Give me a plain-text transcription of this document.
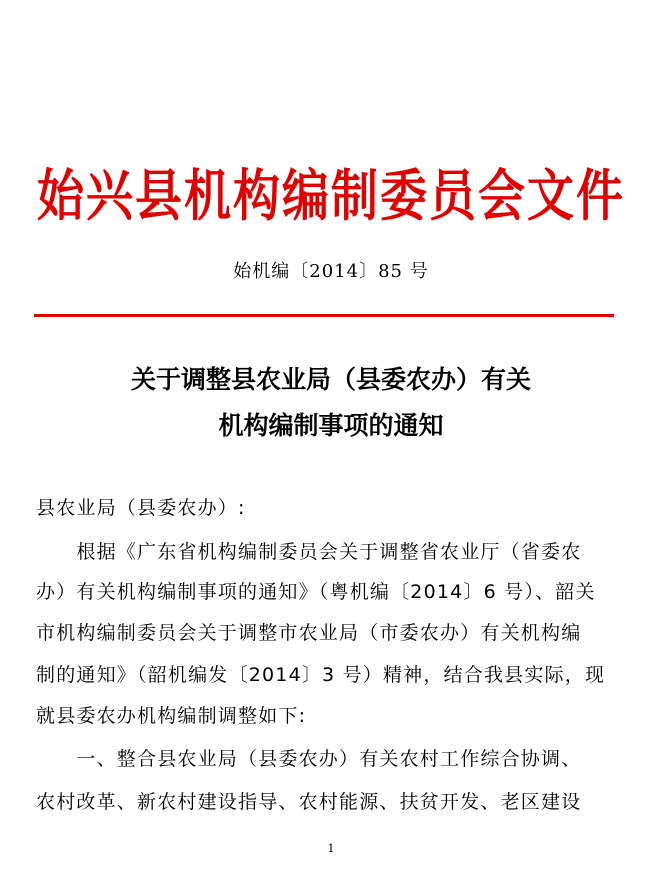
始兴县机构编制委员会文件
始机编〔2014〕85 号
关于调整县农业局（县委农办）有关
机构编制事项的通知
县农业局（县委农办）:
　　根据《广东省机构编制委员会关于调整省农业厅（省委农
办）有关机构编制事项的通知》（粤机编〔2014〕6 号）、韶关
市机构编制委员会关于调整市农业局（市委农办）有关机构编
制的通知》（韶机编发〔2014〕3 号）精神，结合我县实际，现
就县委农办机构编制调整如下:
　　一、整合县农业局（县委农办）有关农村工作综合协调、
农村改革、新农村建设指导、农村能源、扶贫开发、老区建设
1
